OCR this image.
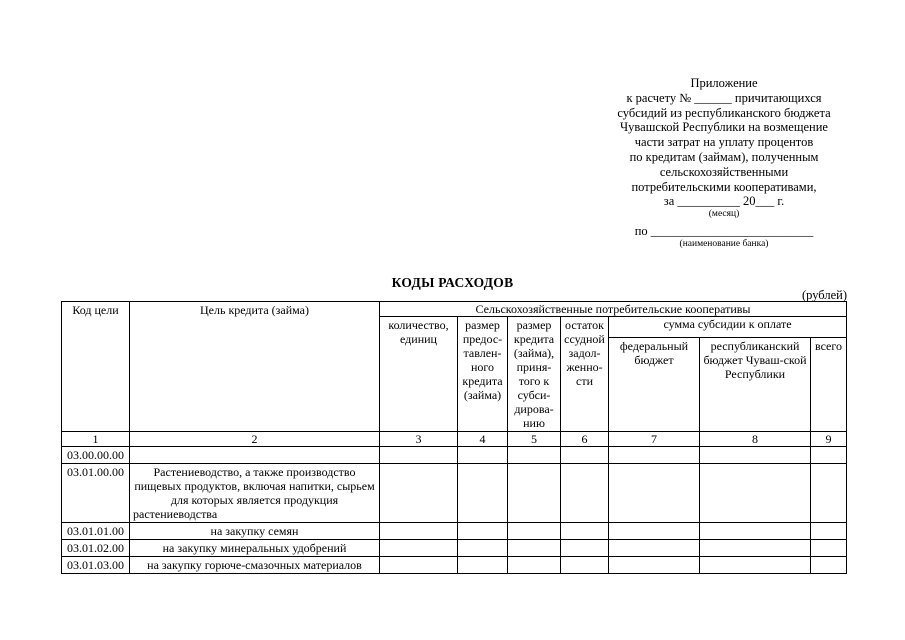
Приложение
к расчету № ______ причитающихся
субсидий из республиканского бюджета
Чувашской Республики на возмещение
части затрат на уплату процентов
по кредитам (займам), полученным
сельскохозяйственными
потребительскими кооперативами,
за __________ 20___ г.
(месяц)
по __________________________
(наименование банка)
КОДЫ РАСХОДОВ
(рублей)
Код цели	Цель кредита (займа)	Сельскохозяйственные потребительские кооперативы						
		количество, единиц	размер предос-тавлен-ного кредита (займа)	размер кредита (займа), приня-того к субси-дирова-нию	остаток ссудной задол-женно-сти	сумма субсидии к оплате		
						федеральный бюджет	республиканский бюджет Чуваш-ской Республики	всего
1	2	3	4	5	6	7	8	9
03.00.00.00								
03.01.00.00	Растениеводство, а также производство пищевых продуктов, включая напитки, сырьем для которых является продукция растениеводства							
03.01.01.00	на закупку семян							
03.01.02.00	на закупку минеральных удобрений							
03.01.03.00	на закупку горюче-смазочных материалов							
